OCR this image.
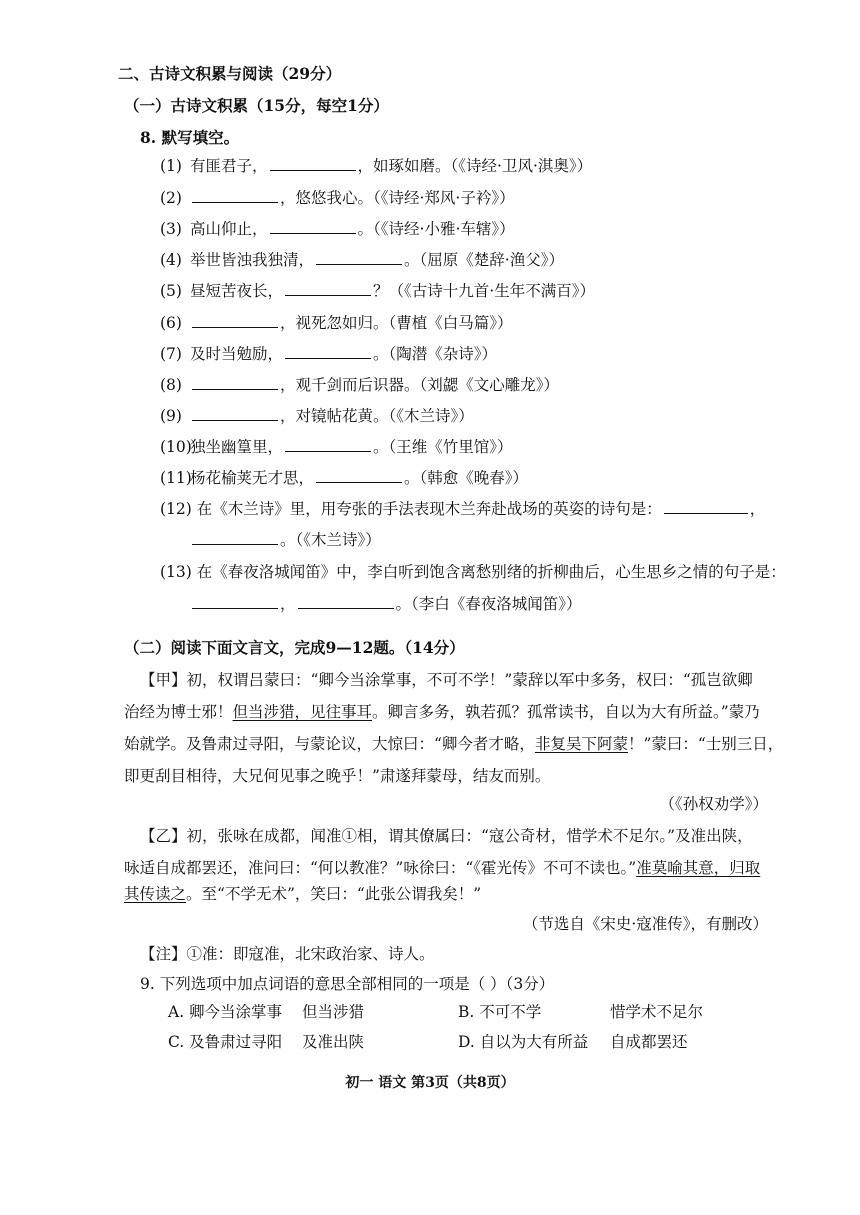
二、古诗文积累与阅读（29分）
（一）古诗文积累（15分，每空1分）
8. 默写填空。
(1) 有匪君子，	，如琢如磨。（《诗经·卫风·淇奥》）
(2)	，悠悠我心。（《诗经·郑风·子衿》）
(3) 高山仰止，	。（《诗经·小雅·车辖》）
(4) 举世皆浊我独清，	。（屈原《楚辞·渔父》）
(5) 昼短苦夜长，	？（《古诗十九首·生年不满百》）
(6)	，视死忽如归。（曹植《白马篇》）
(7) 及时当勉励，	。（陶潜《杂诗》）
(8)	，观千剑而后识器。（刘勰《文心雕龙》）
(9)	，对镜帖花黄。（《木兰诗》）
(10)独坐幽篁里，	。（王维《竹里馆》）
(11)杨花榆荚无才思，	。（韩愈《晚春》）
(12) 在《木兰诗》里，用夸张的手法表现木兰奔赴战场的英姿的诗句是：	，
。（《木兰诗》）
(13) 在《春夜洛城闻笛》中，李白听到饱含离愁别绪的折柳曲后，心生思乡之情的句子是：
，	。（李白《春夜洛城闻笛》）
（二）阅读下面文言文，完成9—12题。（14分）
【甲】初，权谓吕蒙曰：“卿今当涂掌事，不可不学！”蒙辞以军中多务，权曰：“孤岂欲卿
治经为博士邪！但当涉猎，见往事耳。卿言多务，孰若孤？孤常读书，自以为大有所益。”蒙乃
始就学。及鲁肃过寻阳，与蒙论议，大惊曰：“卿今者才略，非复吴下阿蒙！”蒙曰：“士别三日，
即更刮目相待，大兄何见事之晚乎！”肃遂拜蒙母，结友而别。
（《孙权劝学》）
【乙】初，张咏在成都，闻准①相，谓其僚属曰：“寇公奇材，惜学术不足尔。”及准出陕，
咏适自成都罢还，准问曰：“何以教准？”咏徐曰：“《霍光传》不可不读也。”准莫喻其意，归取
其传读之。至“不学无术”，笑曰：“此张公谓我矣！”
（节选自《宋史·寇准传》，有删改）
【注】①准：即寇准，北宋政治家、诗人。
9. 下列选项中加点词语的意思全部相同的一项是（ ）（3分）
A. 卿今当涂掌事 但当涉猎	B. 不可不学	惜学术不足尔
C. 及鲁肃过寻阳 及准出陕	D. 自以为大有所益 自成都罢还
初一 语文 第3页（共8页）
